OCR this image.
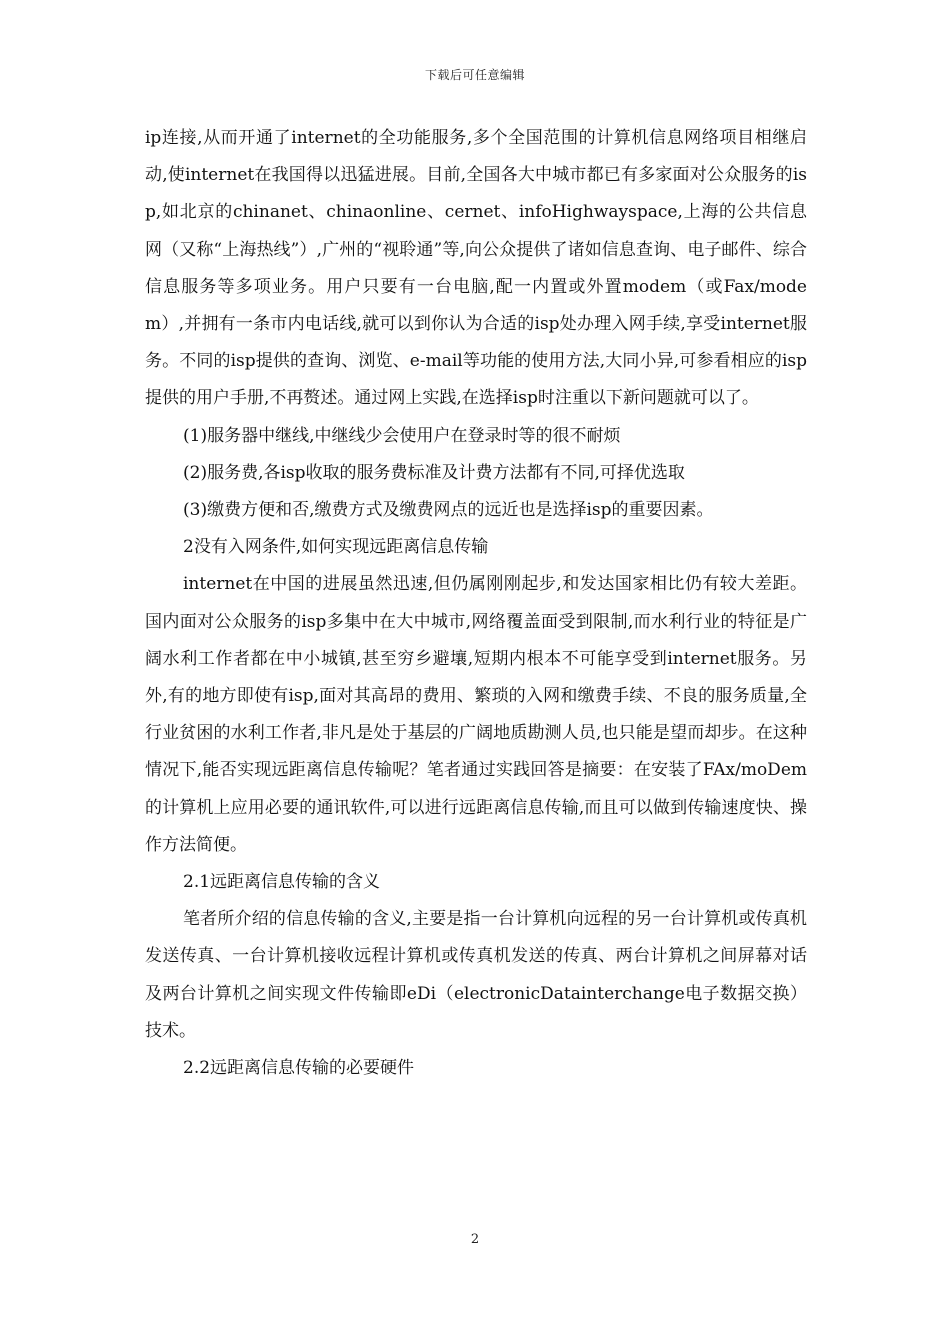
下载后可任意编辑

ip连接,从而开通了internet的全功能服务,多个全国范围的计算机信息网络项目相继启动,使internet在我国得以迅猛进展。目前,全国各大中城市都已有多家面对公众服务的isp,如北京的chinanet、chinaonline、cernet、infoHighwayspace,上海的公共信息网（又称“上海热线”）,广州的“视聆通”等,向公众提供了诸如信息查询、电子邮件、综合信息服务等多项业务。用户只要有一台电脑,配一内置或外置modem（或Fax/modem）,并拥有一条市内电话线,就可以到你认为合适的isp处办理入网手续,享受internet服务。不同的isp提供的查询、浏览、e-mail等功能的使用方法,大同小异,可参看相应的isp提供的用户手册,不再赘述。通过网上实践,在选择isp时注重以下新问题就可以了。

(1)服务器中继线,中继线少会使用户在登录时等的很不耐烦

(2)服务费,各isp收取的服务费标准及计费方法都有不同,可择优选取

(3)缴费方便和否,缴费方式及缴费网点的远近也是选择isp的重要因素。

2没有入网条件,如何实现远距离信息传输

internet在中国的进展虽然迅速,但仍属刚刚起步,和发达国家相比仍有较大差距。国内面对公众服务的isp多集中在大中城市,网络覆盖面受到限制,而水利行业的特征是广阔水利工作者都在中小城镇,甚至穷乡避壤,短期内根本不可能享受到internet服务。另外,有的地方即使有isp,面对其高昂的费用、繁琐的入网和缴费手续、不良的服务质量,全行业贫困的水利工作者,非凡是处于基层的广阔地质勘测人员,也只能是望而却步。在这种情况下,能否实现远距离信息传输呢？笔者通过实践回答是摘要：在安装了FAx/moDem的计算机上应用必要的通讯软件,可以进行远距离信息传输,而且可以做到传输速度快、操作方法简便。

2.1远距离信息传输的含义

笔者所介绍的信息传输的含义,主要是指一台计算机向远程的另一台计算机或传真机发送传真、一台计算机接收远程计算机或传真机发送的传真、两台计算机之间屏幕对话及两台计算机之间实现文件传输即eDi（electronicDatainterchange电子数据交换）技术。

2.2远距离信息传输的必要硬件

2
